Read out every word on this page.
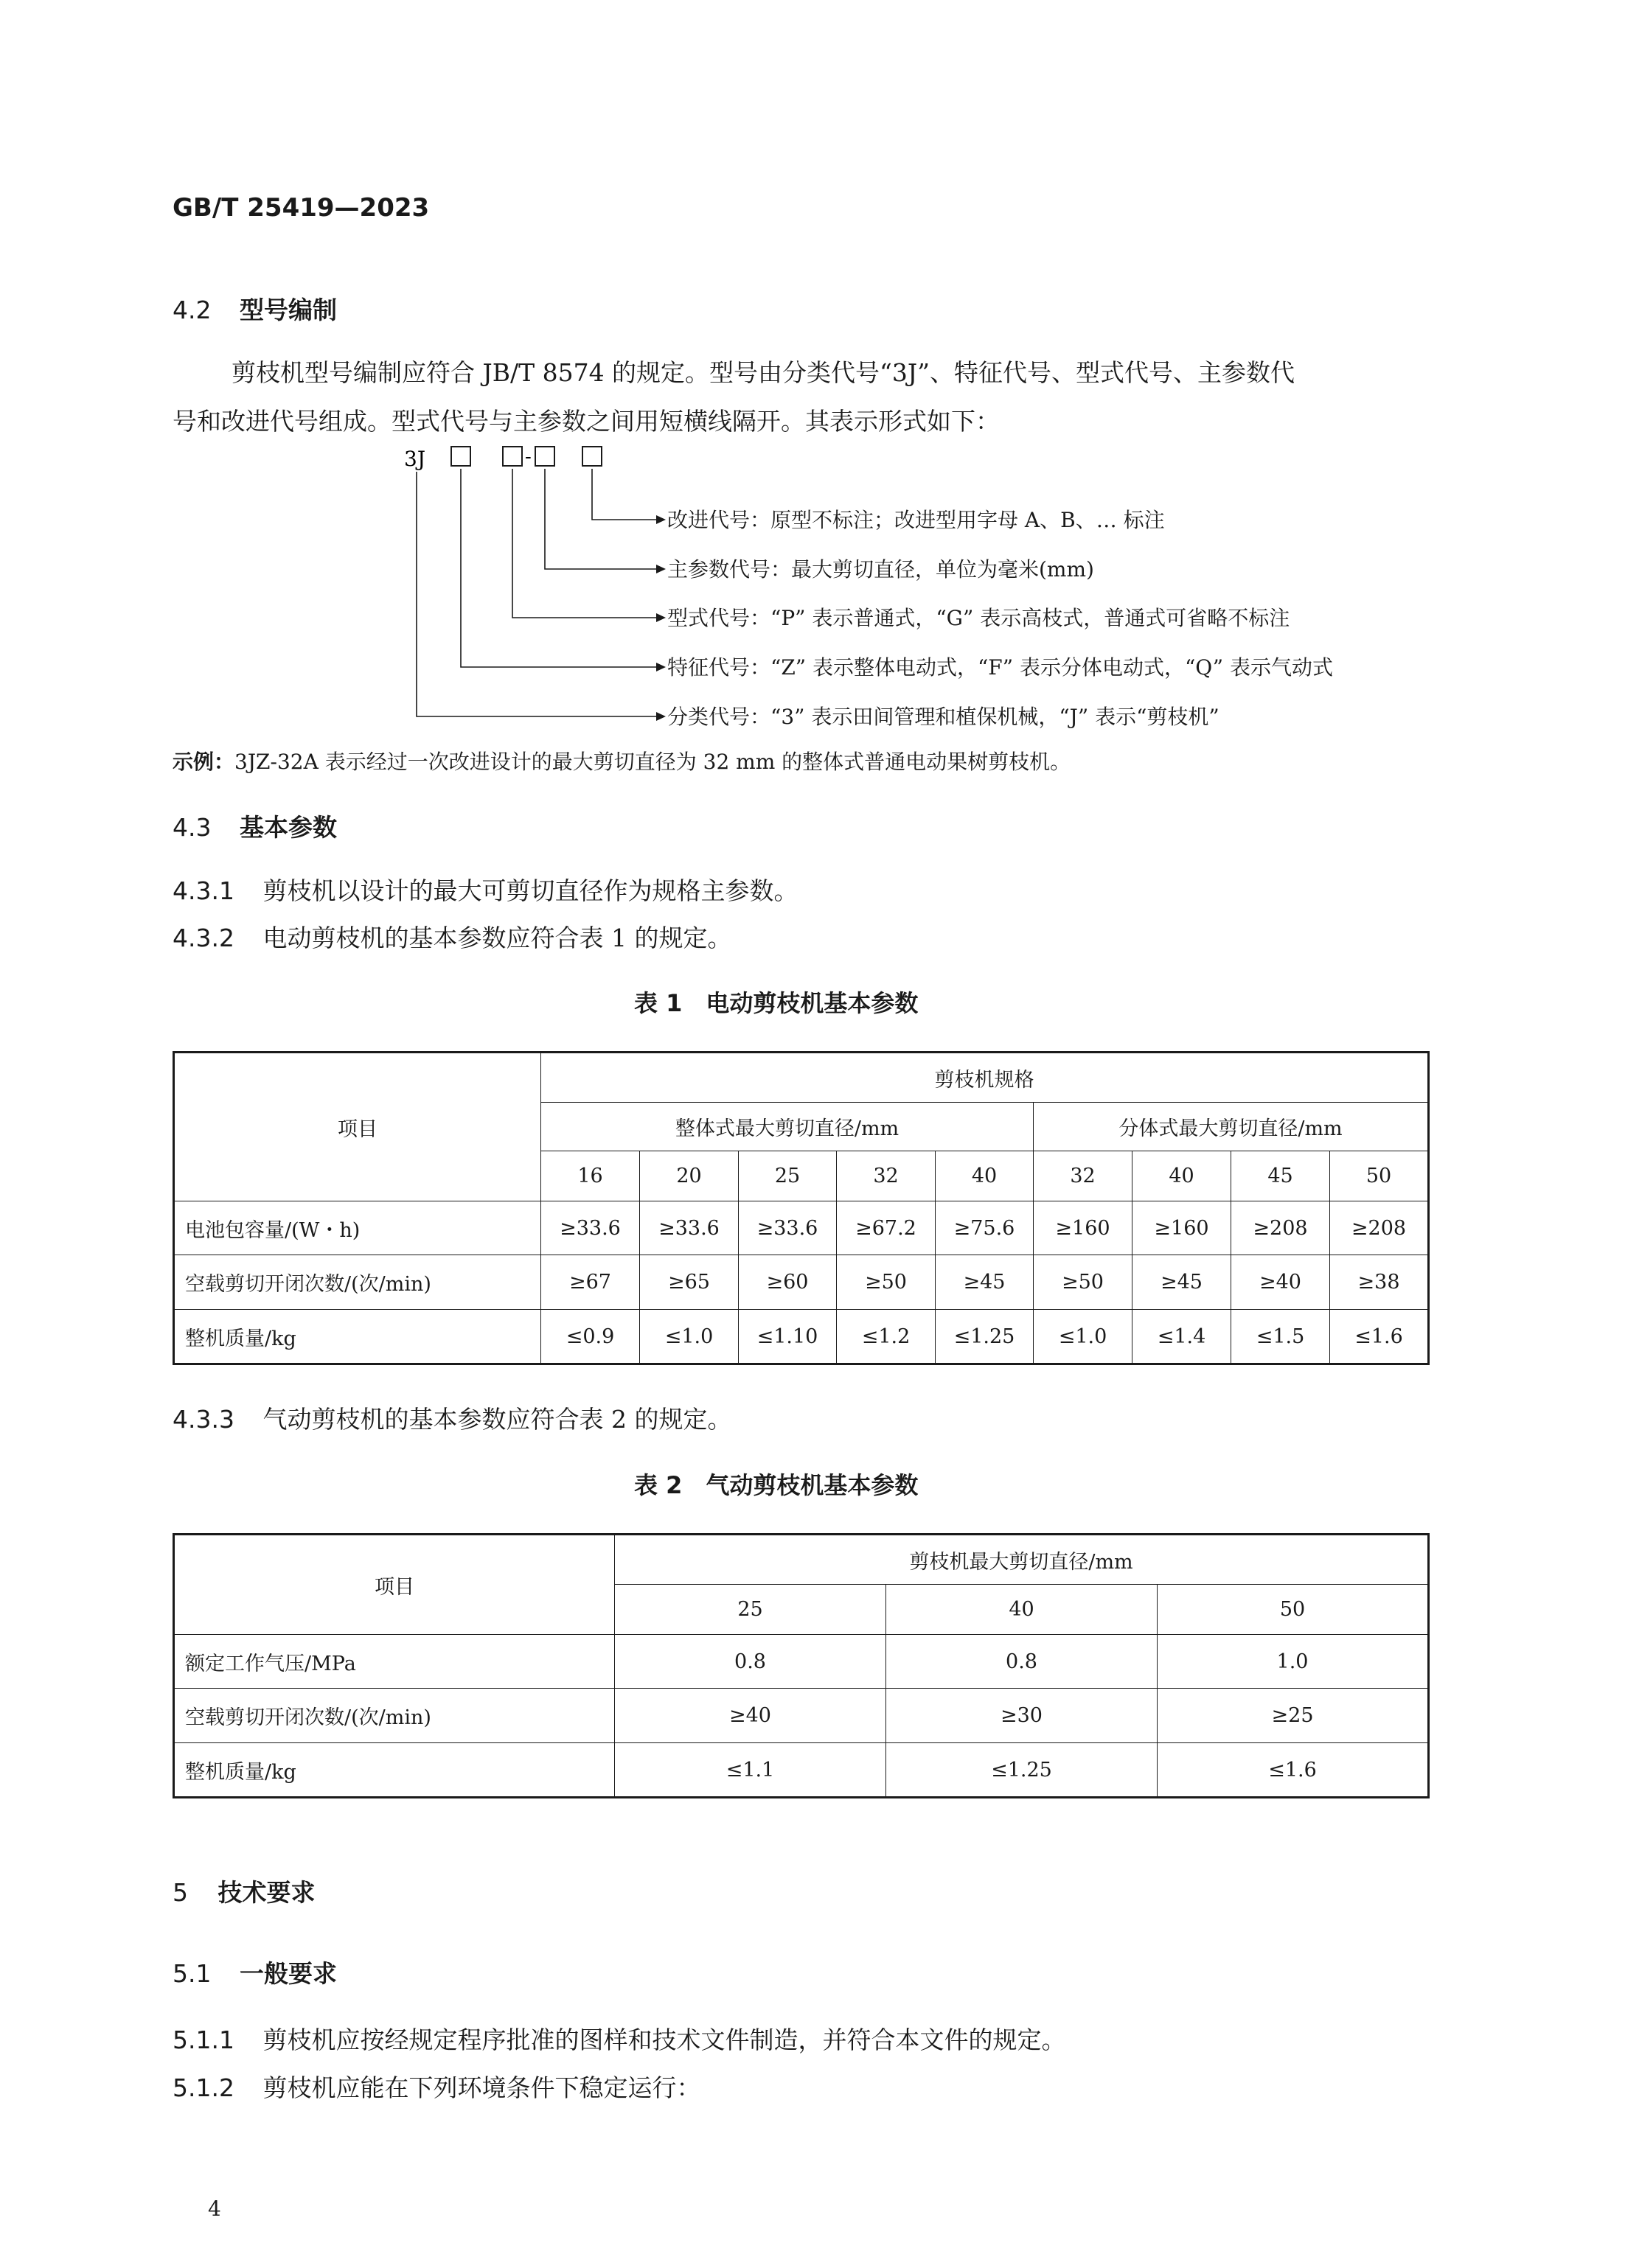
GB/T 25419—2023
4.2 型号编制
剪枝机型号编制应符合 JB/T 8574 的规定。型号由分类代号“3J”、特征代号、型式代号、主参数代
号和改进代号组成。型式代号与主参数之间用短横线隔开。其表示形式如下：
3J	-
改进代号：原型不标注；改进型用字母 A、B、… 标注
主参数代号：最大剪切直径，单位为毫米(mm)
型式代号：“P” 表示普通式，“G” 表示高枝式，普通式可省略不标注
特征代号：“Z” 表示整体电动式，“F” 表示分体电动式，“Q” 表示气动式
分类代号：“3” 表示田间管理和植保机械，“J” 表示“剪枝机”
示例：3JZ-32A 表示经过一次改进设计的最大剪切直径为 32 mm 的整体式普通电动果树剪枝机。
4.3 基本参数
4.3.1 剪枝机以设计的最大可剪切直径作为规格主参数。
4.3.2 电动剪枝机的基本参数应符合表 1 的规定。
表 1　电动剪枝机基本参数
项目	剪枝机规格								
	整体式最大剪切直径/mm					分体式最大剪切直径/mm			
	16	20	25	32	40	32	40	45	50
电池包容量/(W・h)	≥33.6	≥33.6	≥33.6	≥67.2	≥75.6	≥160	≥160	≥208	≥208
空载剪切开闭次数/(次/min)	≥67	≥65	≥60	≥50	≥45	≥50	≥45	≥40	≥38
整机质量/kg	≤0.9	≤1.0	≤1.10	≤1.2	≤1.25	≤1.0	≤1.4	≤1.5	≤1.6
4.3.3 气动剪枝机的基本参数应符合表 2 的规定。
表 2　气动剪枝机基本参数
项目	剪枝机最大剪切直径/mm		
	25	40	50
额定工作气压/MPa	0.8	0.8	1.0
空载剪切开闭次数/(次/min)	≥40	≥30	≥25
整机质量/kg	≤1.1	≤1.25	≤1.6
5 技术要求
5.1 一般要求
5.1.1 剪枝机应按经规定程序批准的图样和技术文件制造，并符合本文件的规定。
5.1.2 剪枝机应能在下列环境条件下稳定运行：
4
